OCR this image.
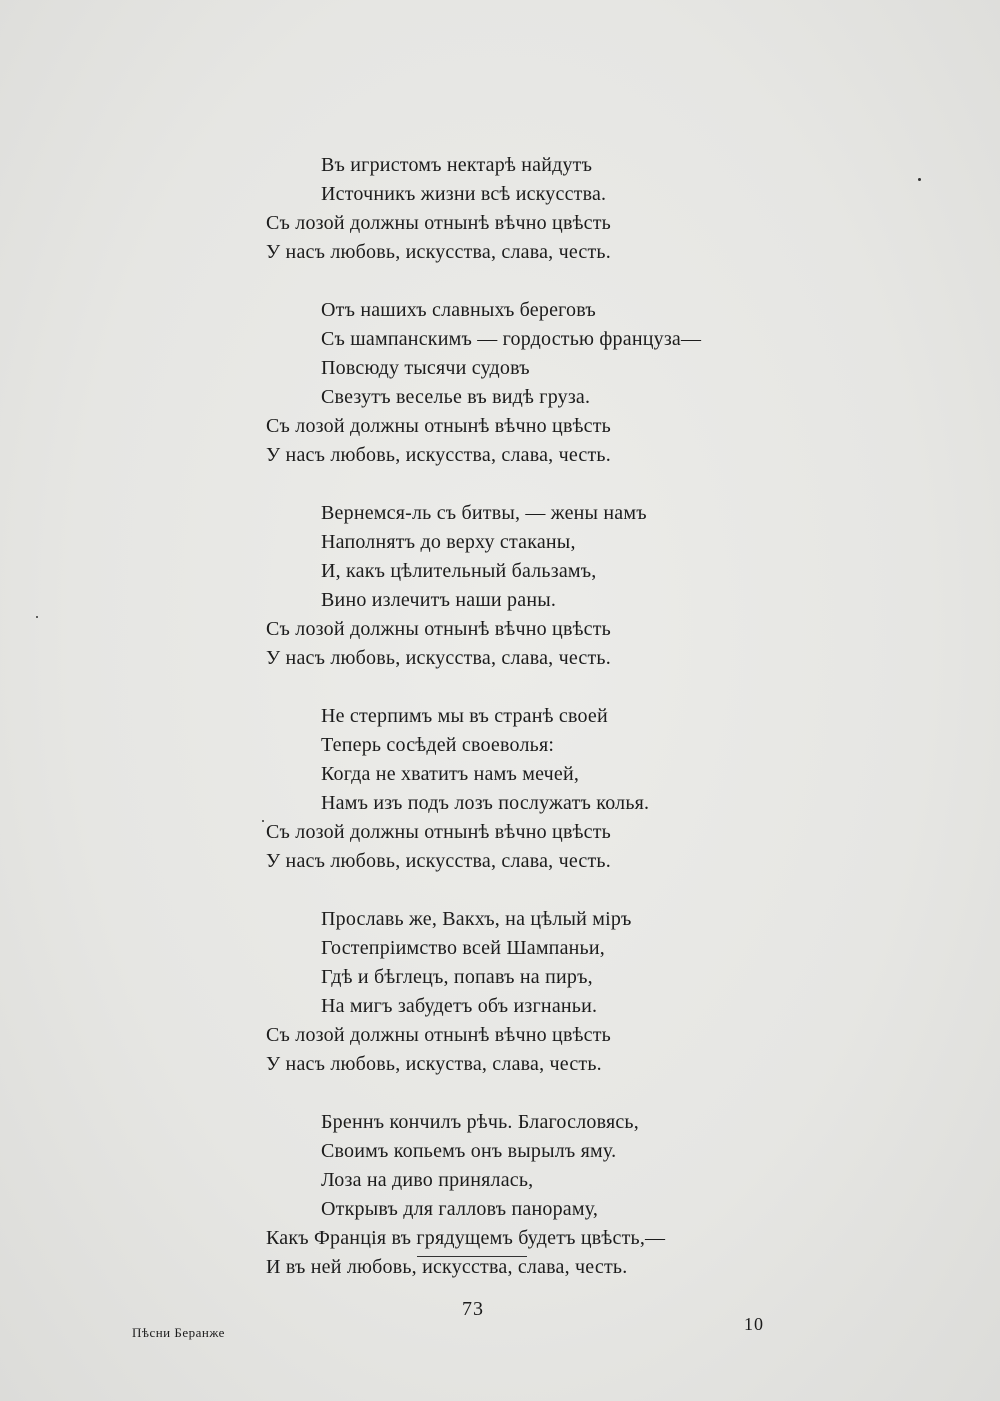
Въ игристомъ нектарѣ найдутъ
Источникъ жизни всѣ искусства.
Съ лозой должны отнынѣ вѣчно цвѣсть
У насъ любовь, искусства, слава, честь.
Отъ нашихъ славныхъ береговъ
Съ шампанскимъ — гордостью француза—
Повсюду тысячи судовъ
Свезутъ веселье въ видѣ груза.
Съ лозой должны отнынѣ вѣчно цвѣсть
У насъ любовь, искусства, слава, честь.
Вернемся-ль съ битвы, — жены намъ
Наполнятъ до верху стаканы,
И, какъ цѣлительный бальзамъ,
Вино излечитъ наши раны.
Съ лозой должны отнынѣ вѣчно цвѣсть
У насъ любовь, искусства, слава, честь.
Не стерпимъ мы въ странѣ своей
Теперь сосѣдей своеволья:
Когда не хватитъ намъ мечей,
Намъ изъ подъ лозъ послужатъ колья.
Съ лозой должны отнынѣ вѣчно цвѣсть
У насъ любовь, искусства, слава, честь.
Прославь же, Вакхъ, на цѣлый міръ
Гостепріимство всей Шампаньи,
Гдѣ и бѣглецъ, попавъ на пиръ,
На мигъ забудетъ объ изгнаньи.
Съ лозой должны отнынѣ вѣчно цвѣсть
У насъ любовь, искуства, слава, честь.
Бреннъ кончилъ рѣчь. Благословясь,
Своимъ копьемъ онъ вырылъ яму.
Лоза на диво принялась,
Открывъ для галловъ панораму,
Какъ Францiя въ грядущемъ будетъ цвѣсть,—
И въ ней любовь, искусства, слава, честь.
73
Пѣсни Беранже	10
